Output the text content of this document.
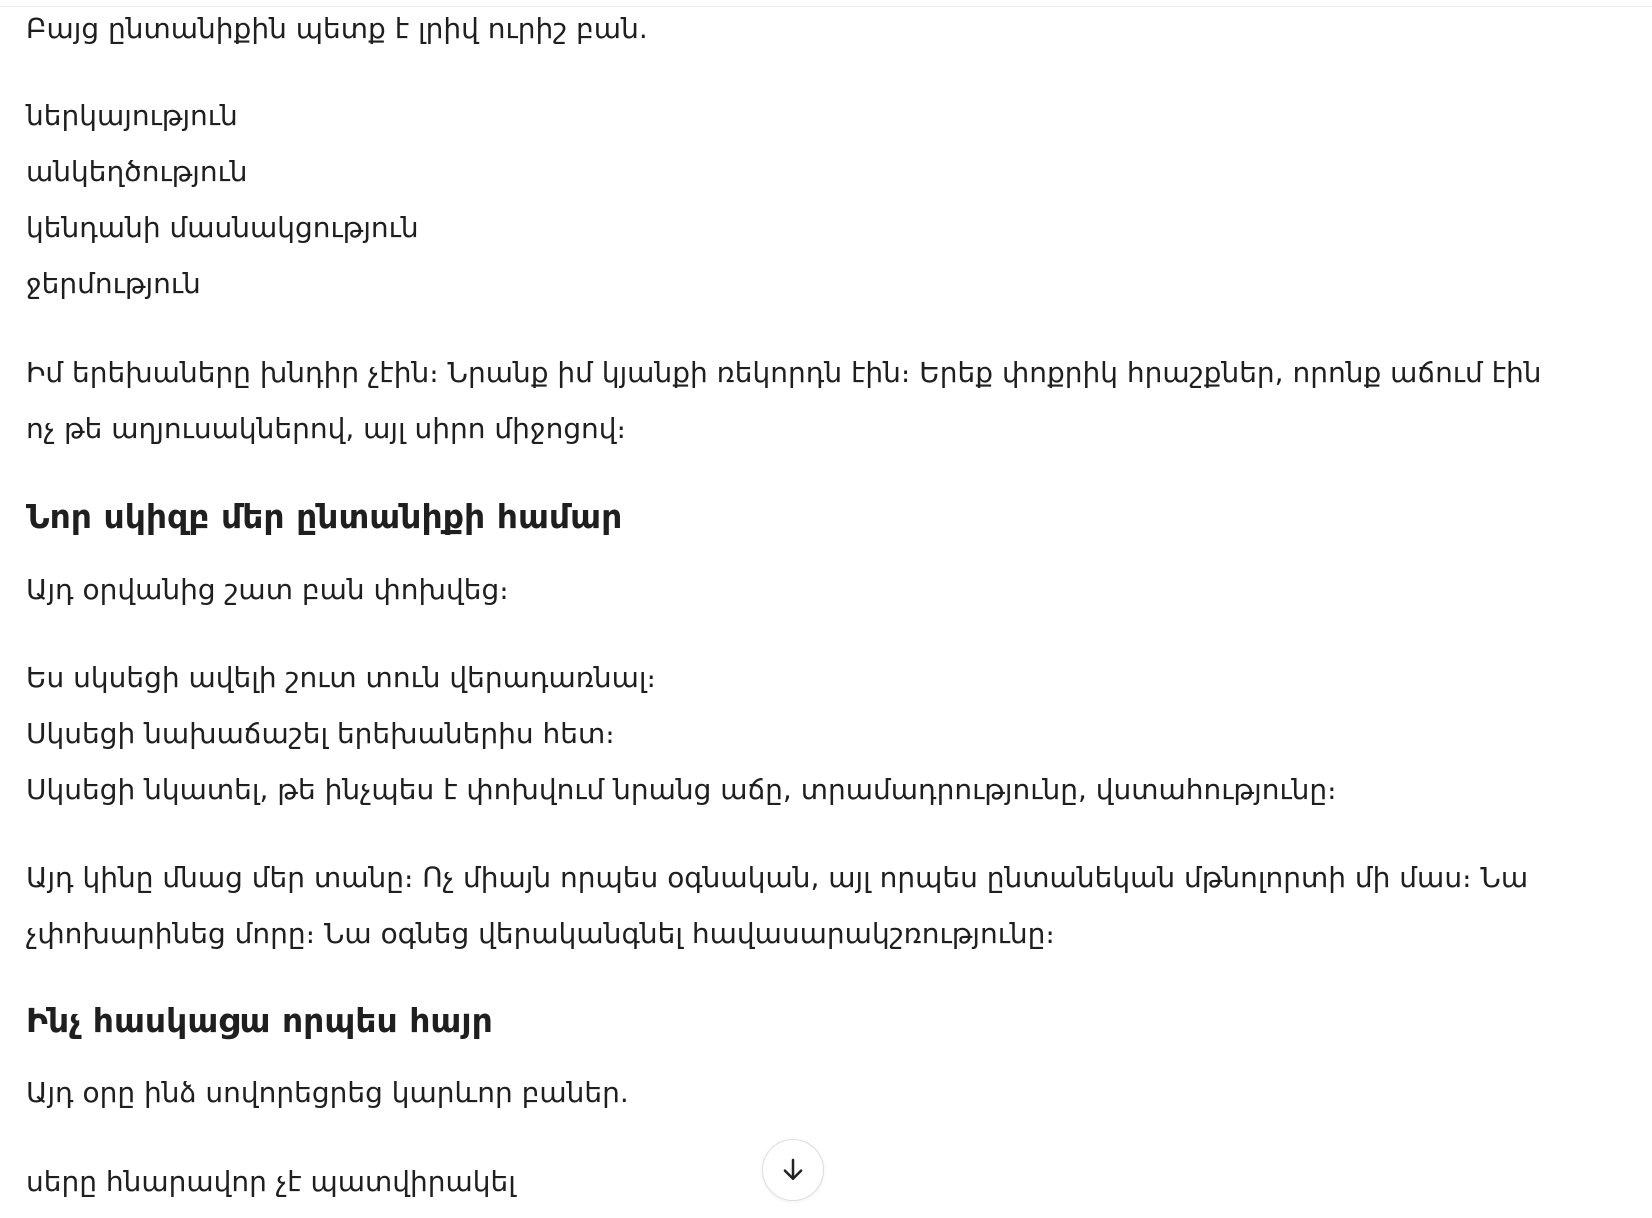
Բայց ընտանիքին պետք է լրիվ ուրիշ բան.

ներկայություն

անկեղծություն

կենդանի մասնակցություն

ջերմություն

Իմ երեխաները խնդիր չէին։ Նրանք իմ կյանքի ռեկորդն էին։ Երեք փոքրիկ հրաշքներ, որոնք աճում էին

ոչ թե աղյուսակներով, այլ սիրո միջոցով։

Նոր սկիզբ մեր ընտանիքի համար

Այդ օրվանից շատ բան փոխվեց։

Ես սկսեցի ավելի շուտ տուն վերադառնալ։

Սկսեցի նախաճաշել երեխաներիս հետ։

Սկսեցի նկատել, թե ինչպես է փոխվում նրանց աճը, տրամադրությունը, վստահությունը։

Այդ կինը մնաց մեր տանը։ Ոչ միայն որպես օգնական, այլ որպես ընտանեկան մթնոլորտի մի մաս։ Նա

չփոխարինեց մորը։ Նա օգնեց վերականգնել հավասարակշռությունը։

Ինչ հասկացա որպես հայր

Այդ օրը ինձ սովորեցրեց կարևոր բաներ.

սերը հնարավոր չէ պատվիրակել
